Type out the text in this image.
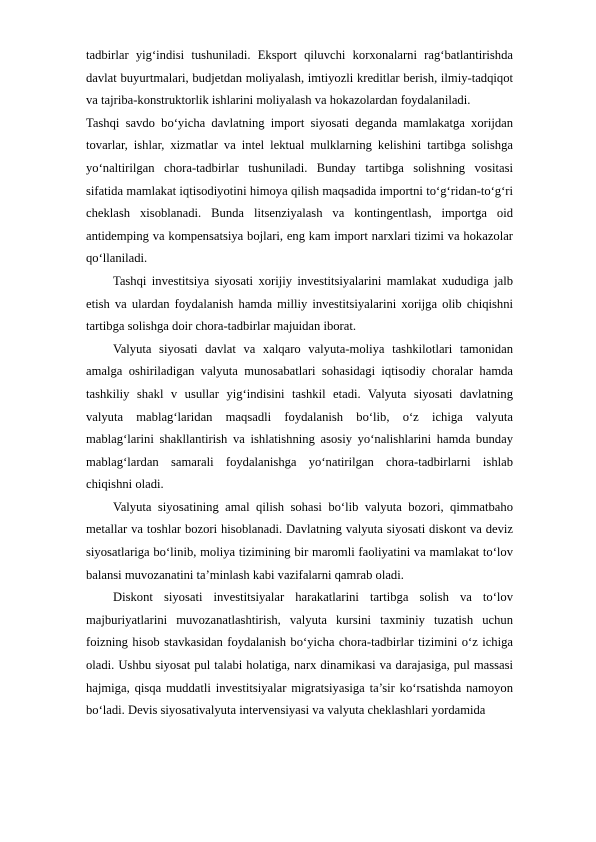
tadbirlar yig‘indisi tushuniladi. Eksport qiluvchi korxonalarni rag‘batlantirishda davlat buyurtmalari, budjetdan moliyalash, imtiyozli kreditlar berish, ilmiy-tadqiqot va tajriba-konstruktorlik ishlarini moliyalash va hokazolardan foydalaniladi.

Tashqi savdo bo‘yicha davlatning import siyosati deganda mamlakatga xorijdan tovarlar, ishlar, xizmatlar va intel lektual mulklarning kelishini tartibga solishga yo‘naltirilgan chora-tadbirlar tushuniladi. Bunday tartibga solishning vositasi sifatida mamlakat iqtisodiyotini himoya qilish maqsadida importni to‘g‘ridan-to‘g‘ri cheklash xisoblanadi. Bunda litsenziyalash va kontingentlash, importga oid antidemping va kompensatsiya bojlari, eng kam import narxlari tizimi va hokazolar qo‘llaniladi.

Tashqi investitsiya siyosati xorijiy investitsiyalarini mamlakat xududiga jalb etish va ulardan foydalanish hamda milliy investitsiyalarini xorijga olib chiqishni tartibga solishga doir chora-tadbirlar majuidan iborat.

Valyuta siyosati davlat va xalqaro valyuta-moliya tashkilotlari tamonidan amalga oshiriladigan valyuta munosabatlari sohasidagi iqtisodiy choralar hamda tashkiliy shakl v usullar yig‘indisini tashkil etadi. Valyuta siyosati davlatning valyuta mablag‘laridan maqsadli foydalanish bo‘lib, o‘z ichiga valyuta mablag‘larini shakllantirish va ishlatishning asosiy yo‘nalishlarini hamda bunday mablag‘lardan samarali foydalanishga yo‘natirilgan chora-tadbirlarni ishlab chiqishni oladi.

Valyuta siyosatining amal qilish sohasi bo‘lib valyuta bozori, qimmatbaho metallar va toshlar bozori hisoblanadi. Davlatning valyuta siyosati diskont va deviz siyosatlariga bo‘linib, moliya tizimining bir maromli faoliyatini va mamlakat to‘lov balansi muvozanatini ta’minlash kabi vazifalarni qamrab oladi.

Diskont siyosati investitsiyalar harakatlarini tartibga solish va to‘lov majburiyatlarini muvozanatlashtirish, valyuta kursini taxminiy tuzatish uchun foizning hisob stavkasidan foydalanish bo‘yicha chora-tadbirlar tizimini o‘z ichiga oladi. Ushbu siyosat pul talabi holatiga, narx dinamikasi va darajasiga, pul massasi hajmiga, qisqa muddatli investitsiyalar migratsiyasiga ta’sir ko‘rsatishda namoyon bo‘ladi. Devis siyosativalyuta intervensiyasi va valyuta cheklashlari yordamida
